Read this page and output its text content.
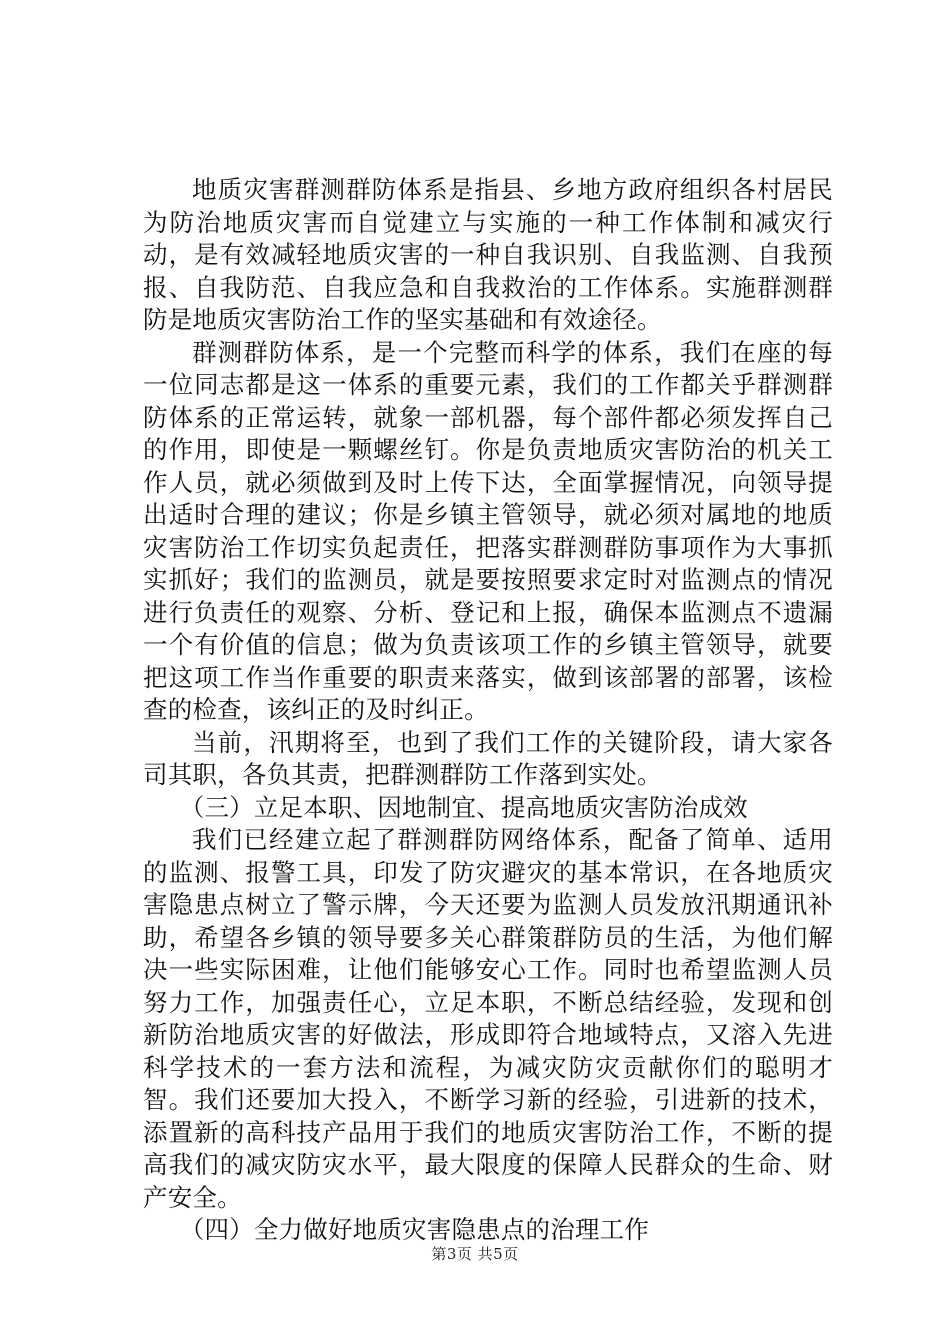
地质灾害群测群防体系是指县、乡地方政府组织各村居民为防治地质灾害而自觉建立与实施的一种工作体制和减灾行动，是有效减轻地质灾害的一种自我识别、自我监测、自我预报、自我防范、自我应急和自我救治的工作体系。实施群测群防是地质灾害防治工作的坚实基础和有效途径。

群测群防体系，是一个完整而科学的体系，我们在座的每一位同志都是这一体系的重要元素，我们的工作都关乎群测群防体系的正常运转，就象一部机器，每个部件都必须发挥自己的作用，即使是一颗螺丝钉。你是负责地质灾害防治的机关工作人员，就必须做到及时上传下达，全面掌握情况，向领导提出适时合理的建议；你是乡镇主管领导，就必须对属地的地质灾害防治工作切实负起责任，把落实群测群防事项作为大事抓实抓好；我们的监测员，就是要按照要求定时对监测点的情况进行负责任的观察、分析、登记和上报，确保本监测点不遗漏一个有价值的信息；做为负责该项工作的乡镇主管领导，就要把这项工作当作重要的职责来落实，做到该部署的部署，该检查的检查，该纠正的及时纠正。

当前，汛期将至，也到了我们工作的关键阶段，请大家各司其职，各负其责，把群测群防工作落到实处。

（三）立足本职、因地制宜、提高地质灾害防治成效

我们已经建立起了群测群防网络体系，配备了简单、适用的监测、报警工具，印发了防灾避灾的基本常识，在各地质灾害隐患点树立了警示牌，今天还要为监测人员发放汛期通讯补助，希望各乡镇的领导要多关心群策群防员的生活，为他们解决一些实际困难，让他们能够安心工作。同时也希望监测人员努力工作，加强责任心，立足本职，不断总结经验，发现和创新防治地质灾害的好做法，形成即符合地域特点，又溶入先进科学技术的一套方法和流程，为减灾防灾贡献你们的聪明才智。我们还要加大投入，不断学习新的经验，引进新的技术，添置新的高科技产品用于我们的地质灾害防治工作，不断的提高我们的减灾防灾水平，最大限度的保障人民群众的生命、财产安全。

（四）全力做好地质灾害隐患点的治理工作

第3页 共5页
